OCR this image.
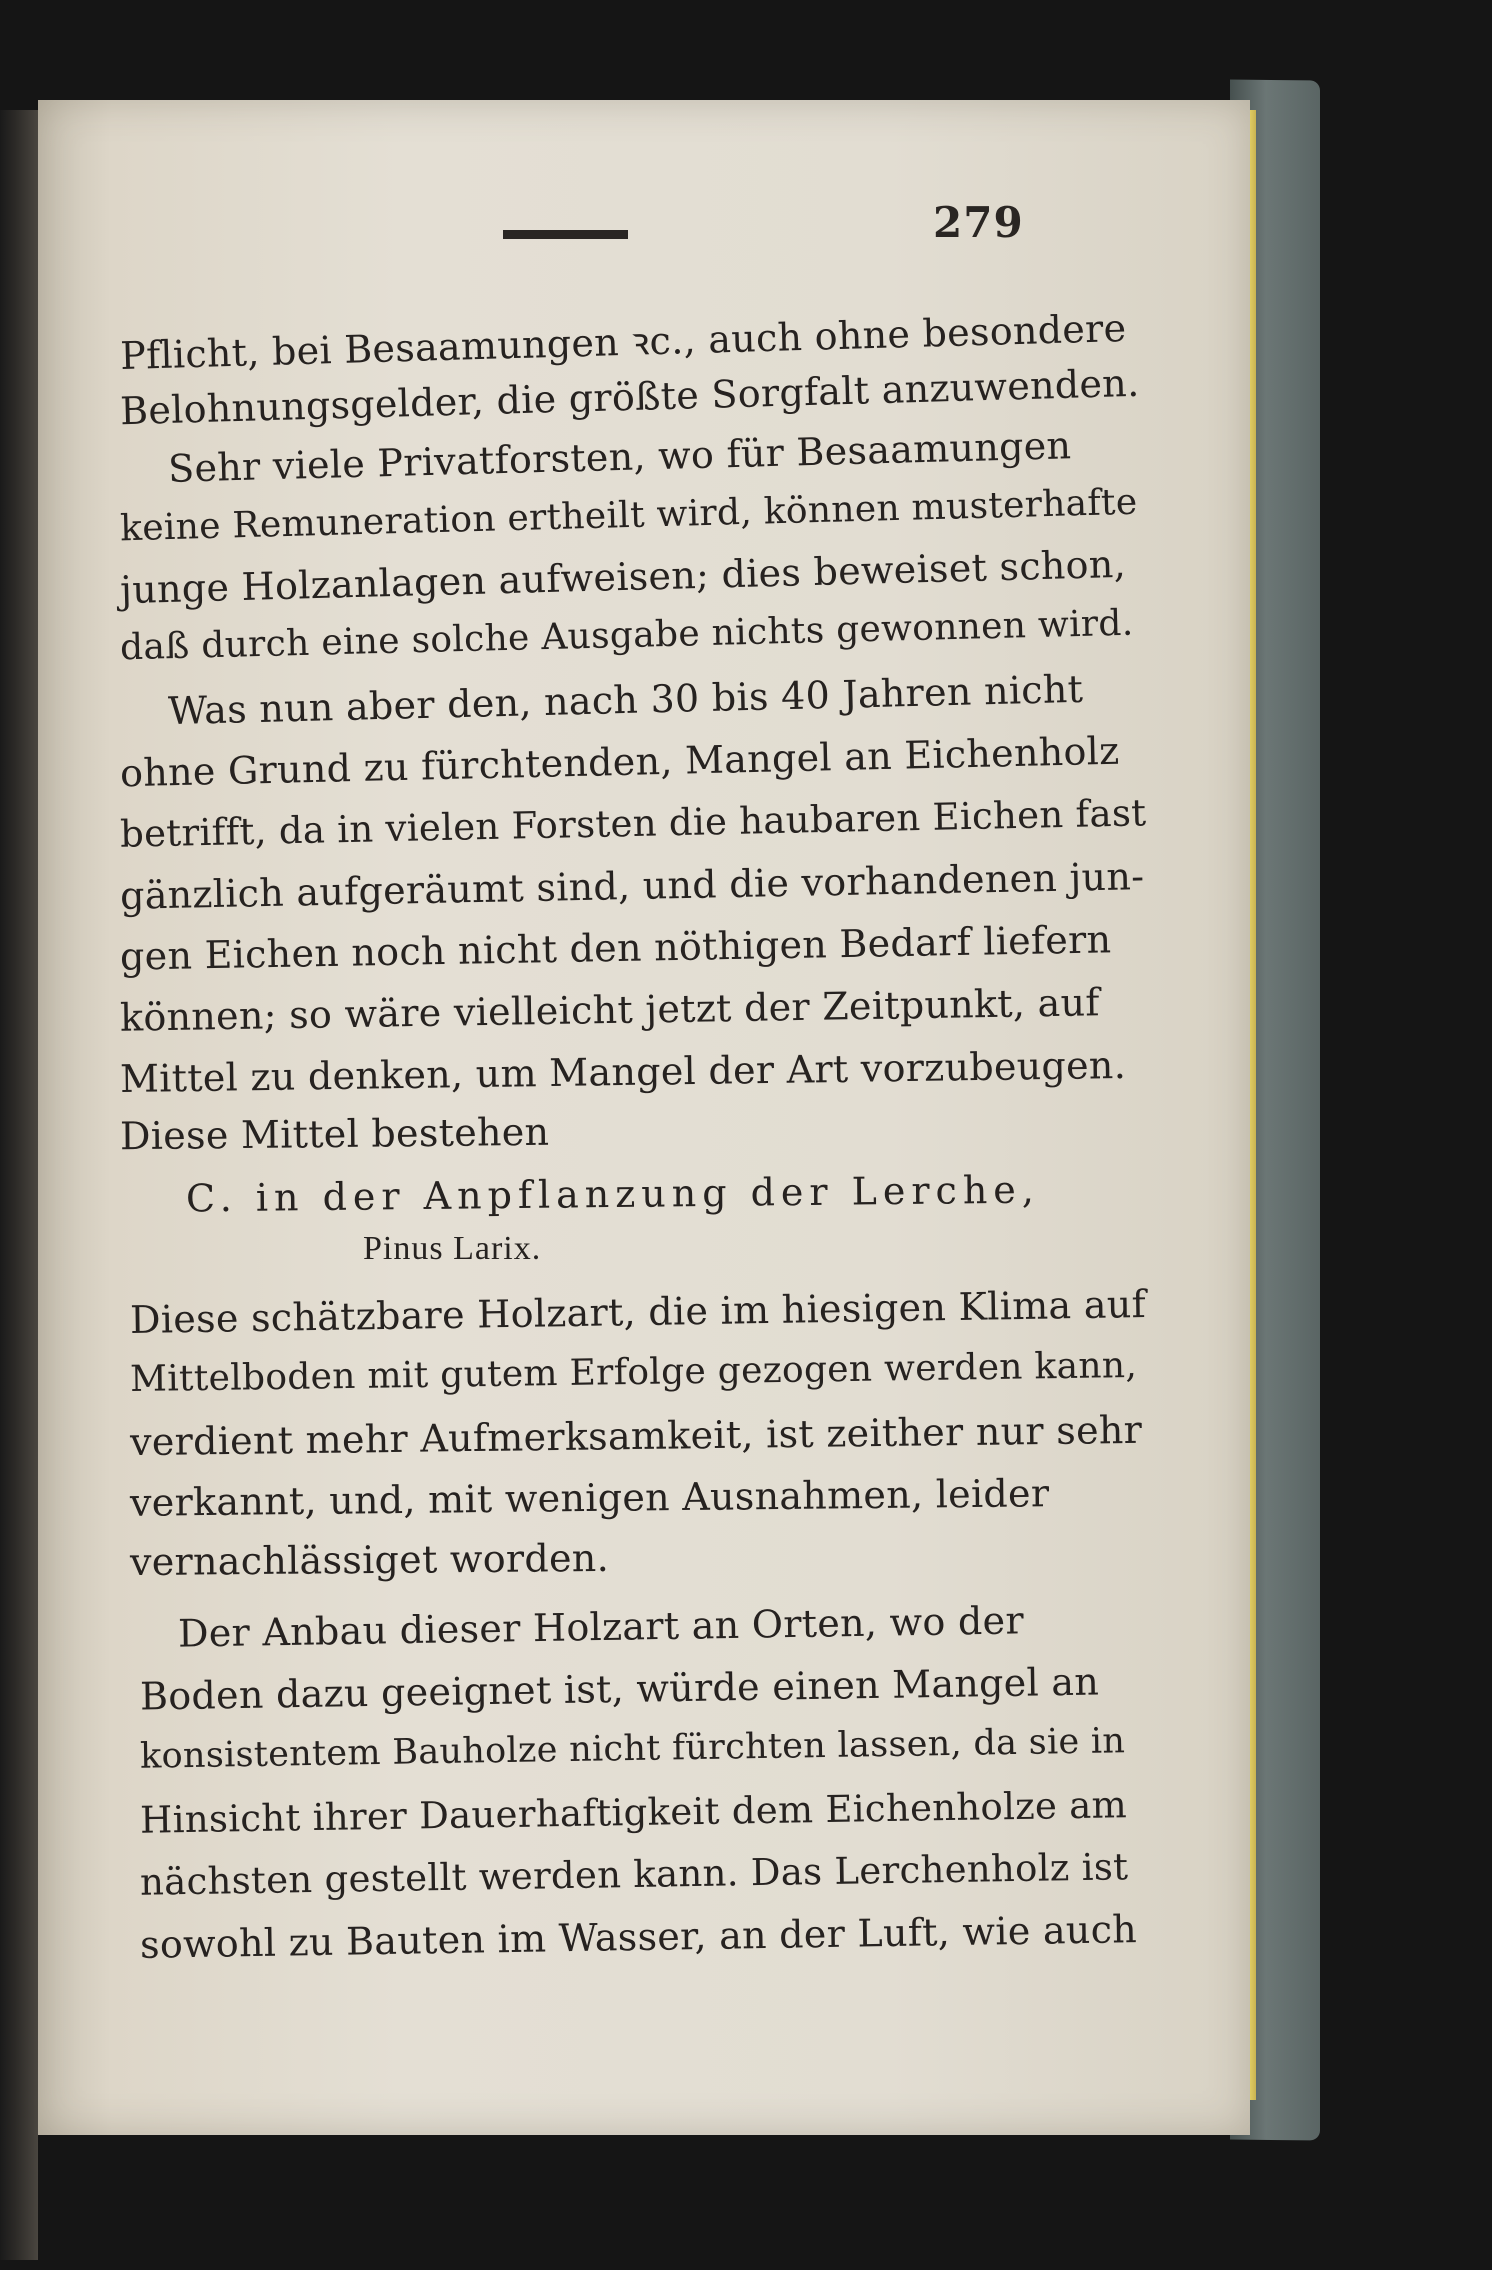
279
Pflicht, bei Besaamungen ꝛc., auch ohne besondere
Belohnungsgelder, die größte Sorgfalt anzuwenden.
Sehr viele Privatforsten, wo für Besaamungen
keine Remuneration ertheilt wird, können musterhafte
junge Holzanlagen aufweisen; dies beweiset schon,
daß durch eine solche Ausgabe nichts gewonnen wird.
Was nun aber den, nach 30 bis 40 Jahren nicht
ohne Grund zu fürchtenden, Mangel an Eichenholz
betrifft, da in vielen Forsten die haubaren Eichen fast
gänzlich aufgeräumt sind, und die vorhandenen jun-
gen Eichen noch nicht den nöthigen Bedarf liefern
können; so wäre vielleicht jetzt der Zeitpunkt, auf
Mittel zu denken, um Mangel der Art vorzubeugen.
Diese Mittel bestehen
C. in der Anpflanzung der Lerche,
Pinus Larix.
Diese schätzbare Holzart, die im hiesigen Klima auf
Mittelboden mit gutem Erfolge gezogen werden kann,
verdient mehr Aufmerksamkeit, ist zeither nur sehr
verkannt, und, mit wenigen Ausnahmen, leider
vernachlässiget worden.
Der Anbau dieser Holzart an Orten, wo der
Boden dazu geeignet ist, würde einen Mangel an
konsistentem Bauholze nicht fürchten lassen, da sie in
Hinsicht ihrer Dauerhaftigkeit dem Eichenholze am
nächsten gestellt werden kann. Das Lerchenholz ist
sowohl zu Bauten im Wasser, an der Luft, wie auch
